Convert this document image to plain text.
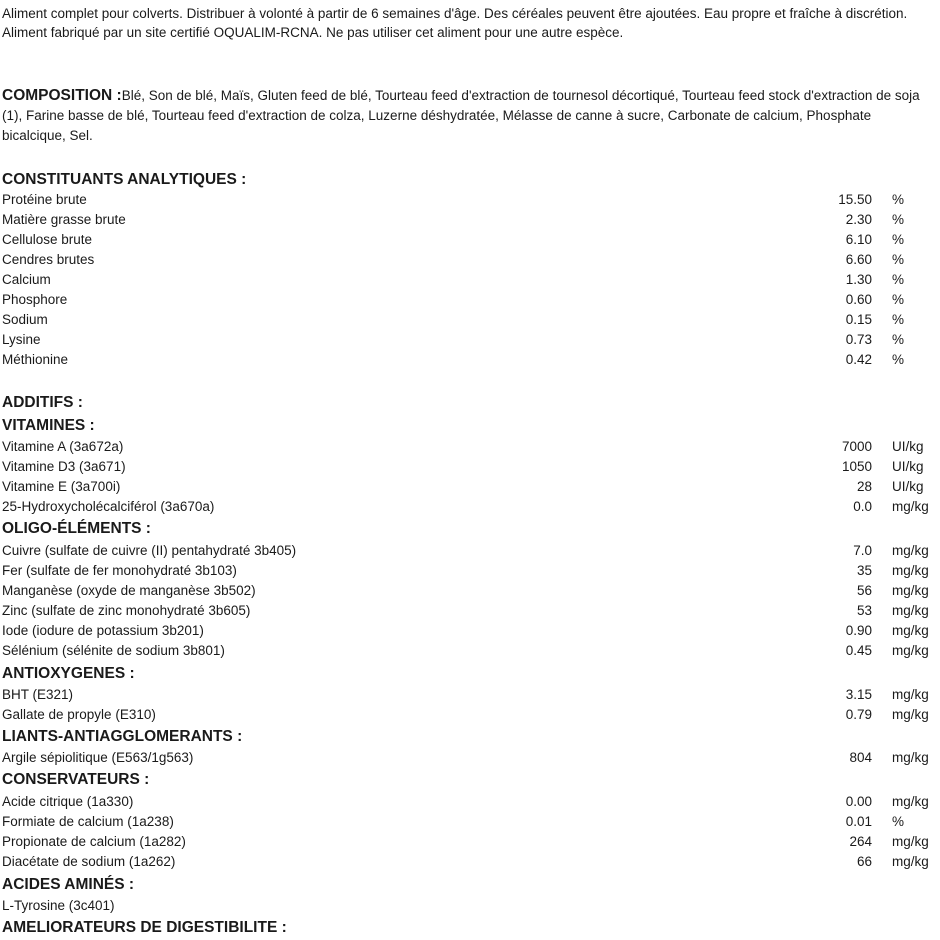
Aliment complet pour colverts. Distribuer à volonté à partir de 6 semaines d'âge. Des céréales peuvent être ajoutées. Eau propre et fraîche à discrétion.

Aliment fabriqué par un site certifié OQUALIM-RCNA. Ne pas utiliser cet aliment pour une autre espèce.

COMPOSITION :Blé, Son de blé, Maïs, Gluten feed de blé, Tourteau feed d'extraction de tournesol décortiqué, Tourteau feed stock d'extraction de soja (1), Farine basse de blé, Tourteau feed d'extraction de colza, Luzerne déshydratée, Mélasse de canne à sucre, Carbonate de calcium, Phosphate bicalcique, Sel.
CONSTITUANTS ANALYTIQUES :
Protéine brute	15.50 %
Matière grasse brute	2.30 %
Cellulose brute	6.10 %
Cendres brutes	6.60 %
Calcium	1.30 %
Phosphore	0.60 %
Sodium	0.15 %
Lysine	0.73 %
Méthionine	0.42 %
ADDITIFS :
VITAMINES :
Vitamine A (3a672a)	7000 UI/kg
Vitamine D3 (3a671)	1050 UI/kg
Vitamine E (3a700i)	28 UI/kg
25-Hydroxycholécalciférol (3a670a)	0.0 mg/kg
OLIGO-ÉLÉMENTS :
Cuivre (sulfate de cuivre (II) pentahydraté 3b405)	7.0 mg/kg
Fer (sulfate de fer monohydraté 3b103)	35 mg/kg
Manganèse (oxyde de manganèse 3b502)	56 mg/kg
Zinc (sulfate de zinc monohydraté 3b605)	53 mg/kg
Iode (iodure de potassium 3b201)	0.90 mg/kg
Sélénium (sélénite de sodium 3b801)	0.45 mg/kg
ANTIOXYGENES :
BHT (E321)	3.15 mg/kg
Gallate de propyle (E310)	0.79 mg/kg
LIANTS-ANTIAGGLOMERANTS :
Argile sépiolitique (E563/1g563)	804 mg/kg
CONSERVATEURS :
Acide citrique (1a330)	0.00 mg/kg
Formiate de calcium (1a238)	0.01 %
Propionate de calcium (1a282)	264 mg/kg
Diacétate de sodium (1a262)	66 mg/kg
ACIDES AMINÉS :
L-Tyrosine (3c401)
AMELIORATEURS DE DIGESTIBILITE :
